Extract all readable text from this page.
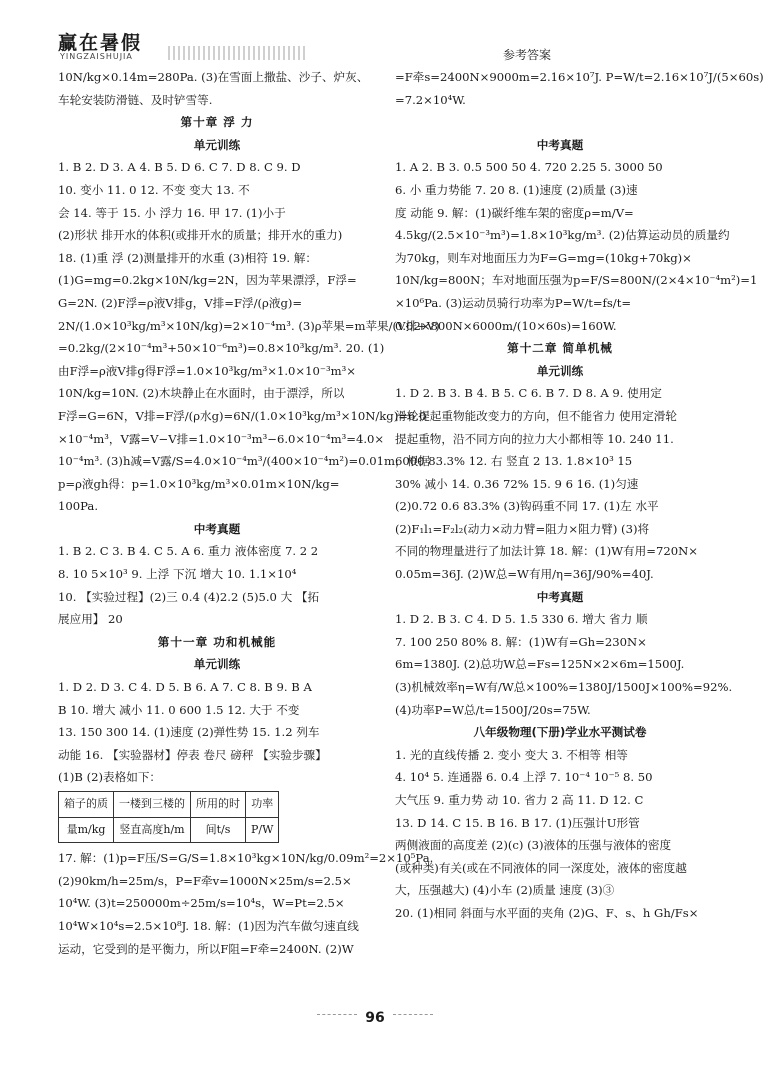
赢在暑假
YINGZAISHUJIA	参考答案
10N/kg×0.14m=280Pa. (3)在雪面上撒盐、沙子、炉灰、
车轮安装防滑链、及时铲雪等.
第十章 浮 力
单元训练
1. B 2. D 3. A 4. B 5. D 6. C 7. D 8. C 9. D
10. 变小 11. 0 12. 不变 变大 13. 不
会 14. 等于 15. 小 浮力 16. 甲 17. (1)小于
(2)形状 排开水的体积(或排开水的质量；排开水的重力)
18. (1)重 浮 (2)测量排开的水重 (3)相符 19. 解：
(1)G=mg=0.2kg×10N/kg=2N，因为苹果漂浮，F浮=
G=2N. (2)F浮=ρ液V排g，V排=F浮/(ρ液g)=
2N/(1.0×10³kg/m³×10N/kg)=2×10⁻⁴m³. (3)ρ苹果=m苹果/(V排+V)
=0.2kg/(2×10⁻⁴m³+50×10⁻⁶m³)=0.8×10³kg/m³. 20. (1)
由F浮=ρ液V排g得F浮=1.0×10³kg/m³×1.0×10⁻³m³×
10N/kg=10N. (2)木块静止在水面时，由于漂浮，所以
F浮=G=6N，V排=F浮/(ρ水g)=6N/(1.0×10³kg/m³×10N/kg)=6.0
×10⁻⁴m³，V露=V−V排=1.0×10⁻³m³−6.0×10⁻⁴m³=4.0×
10⁻⁴m³. (3)h减=V露/S=4.0×10⁻⁴m³/(400×10⁻⁴m²)=0.01m，根据
p=ρ液gh得：p=1.0×10³kg/m³×0.01m×10N/kg=
100Pa.
中考真题
1. B 2. C 3. B 4. C 5. A 6. 重力 液体密度 7. 2 2
8. 10 5×10³ 9. 上浮 下沉 增大 10. 1.1×10⁴
10. 【实验过程】(2)三 0.4 (4)2.2 (5)5.0 大 【拓
展应用】 20
第十一章 功和机械能
单元训练
1. D 2. D 3. C 4. D 5. B 6. A 7. C 8. B 9. B A
B 10. 增大 减小 11. 0 600 1.5 12. 大于 不变
13. 150 300 14. (1)速度 (2)弹性势 15. 1.2 列车
动能 16. 【实验器材】停表 卷尺 磅秤 【实验步骤】
(1)B (2)表格如下：
箱子的质	一楼到三楼的	所用的时	功率
量m/kg	竖直高度h/m	间t/s	P/W
17. 解：(1)p=F压/S=G/S=1.8×10³kg×10N/kg/0.09m²=2×10⁵Pa.
(2)90km/h=25m/s，P=F牵v=1000N×25m/s=2.5×
10⁴W. (3)t=250000m÷25m/s=10⁴s，W=Pt=2.5×
10⁴W×10⁴s=2.5×10⁸J. 18. 解：(1)因为汽车做匀速直线
运动，它受到的是平衡力，所以F阻=F牵=2400N. (2)W
=F牵s=2400N×9000m=2.16×10⁷J. P=W/t=2.16×10⁷J/(5×60s)
=7.2×10⁴W.
中考真题
1. A 2. B 3. 0.5 500 50 4. 720 2.25 5. 3000 50
6. 小 重力势能 7. 20 8. (1)速度 (2)质量 (3)速
度 动能 9. 解：(1)碳纤维车架的密度ρ=m/V=
4.5kg/(2.5×10⁻³m³)=1.8×10³kg/m³. (2)估算运动员的质量约
为70kg，则车对地面压力为F=G=mg=(10kg+70kg)×
10N/kg=800N；车对地面压强为p=F/S=800N/(2×4×10⁻⁴m²)=1
×10⁶Pa. (3)运动员骑行功率为P=W/t=fs/t=
0.02×800N×6000m/(10×60s)=160W.
第十二章 简单机械
单元训练
1. D 2. B 3. B 4. B 5. C 6. B 7. D 8. A 9. 使用定
滑轮提起重物能改变力的方向，但不能省力 使用定滑轮
提起重物，沿不同方向的拉力大小都相等 10. 240 11.
6000 83.3% 12. 右 竖直 2 13. 1.8×10³ 15
30% 减小 14. 0.36 72% 15. 9 6 16. (1)匀速
(2)0.72 0.6 83.3% (3)钩码重不同 17. (1)左 水平
(2)F₁l₁=F₂l₂(动力×动力臂=阻力×阻力臂) (3)将
不同的物理量进行了加法计算 18. 解：(1)W有用=720N×
0.05m=36J. (2)W总=W有用/η=36J/90%=40J.
中考真题
1. D 2. B 3. C 4. D 5. 1.5 330 6. 增大 省力 顺
7. 100 250 80% 8. 解：(1)W有=Gh=230N×
6m=1380J. (2)总功W总=Fs=125N×2×6m=1500J.
(3)机械效率η=W有/W总×100%=1380J/1500J×100%=92%.
(4)功率P=W总/t=1500J/20s=75W.
八年级物理(下册)学业水平测试卷
1. 光的直线传播 2. 变小 变大 3. 不相等 相等
4. 10⁴ 5. 连通器 6. 0.4 上浮 7. 10⁻⁴ 10⁻⁵ 8. 50
大气压 9. 重力势 动 10. 省力 2 高 11. D 12. C
13. D 14. C 15. B 16. B 17. (1)压强计U形管
两侧液面的高度差 (2)(c) (3)液体的压强与液体的密度
(或种类)有关(或在不同液体的同一深度处，液体的密度越
大，压强越大) (4)小车 (2)质量 速度 (3)③
20. (1)相同 斜面与水平面的夹角 (2)G、F、s、h Gh/Fs×
96
